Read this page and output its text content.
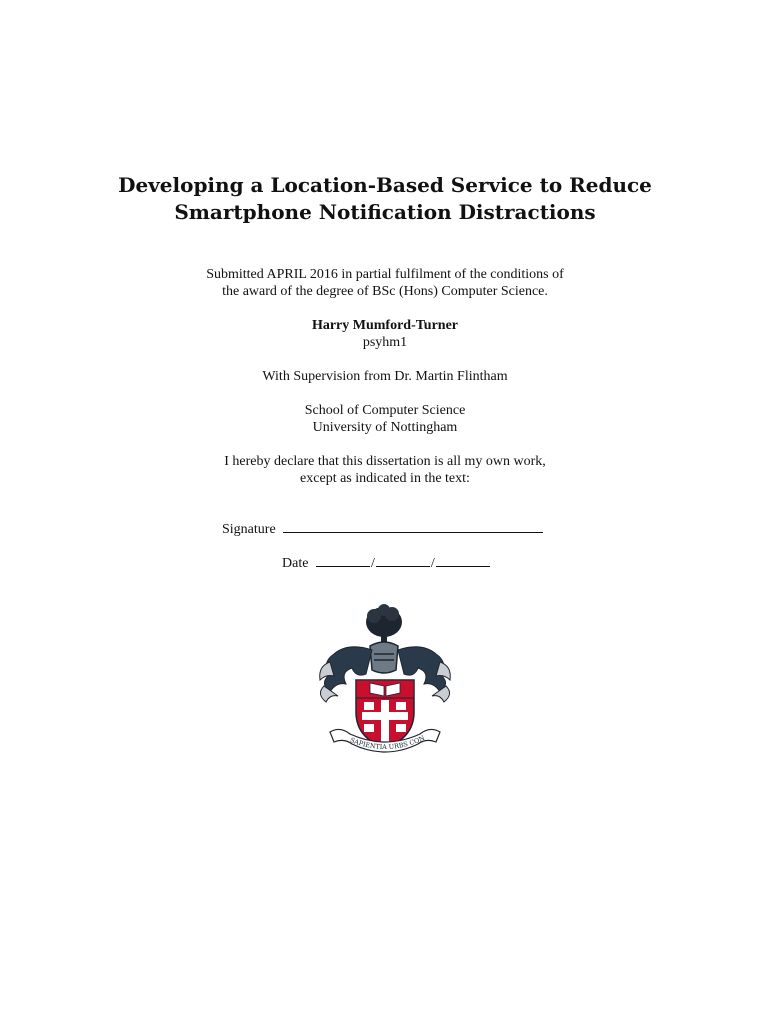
Developing a Location-Based Service to Reduce
Smartphone Notification Distractions
Submitted APRIL 2016 in partial fulfilment of the conditions of
the award of the degree of BSc (Hons) Computer Science.
Harry Mumford-Turner
psyhm1
With Supervision from Dr. Martin Flintham
School of Computer Science
University of Nottingham
I hereby declare that this dissertation is all my own work,
except as indicated in the text:
Signature
Date	/	/
SAPIENTIA URBS CON
